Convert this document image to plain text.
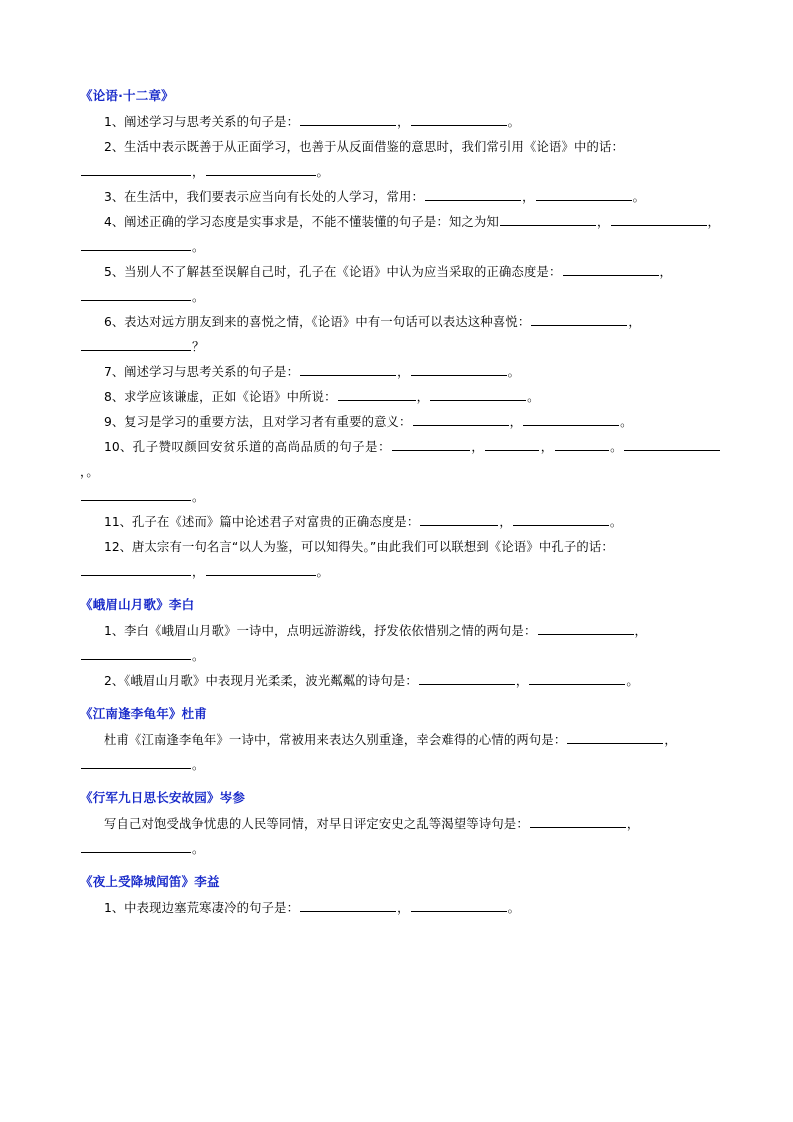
《论语·十二章》

1、阐述学习与思考关系的句子是：	，	。

2、生活中表示既善于从正面学习，也善于从反面借鉴的意思时，我们常引用《论语》中的话：

，	。

3、在生活中，我们要表示应当向有长处的人学习，常用：	，	。

4、阐述正确的学习态度是实事求是，不能不懂装懂的句子是：知之为知	，	，

。

5、当别人不了解甚至误解自己时，孔子在《论语》中认为应当采取的正确态度是：	，

。

6、表达对远方朋友到来的喜悦之情，《论语》中有一句话可以表达这种喜悦：	，

？

7、阐述学习与思考关系的句子是：	，	。

8、求学应该谦虚，正如《论语》中所说：	，	。

9、复习是学习的重要方法，且对学习者有重要的意义：	，	。

10、孔子赞叹颜回安贫乐道的高尚品质的句子是：	，	，	。，。

。

11、孔子在《述而》篇中论述君子对富贵的正确态度是：	，	。

12、唐太宗有一句名言“以人为鉴，可以知得失。”由此我们可以联想到《论语》中孔子的话：

，	。

《峨眉山月歌》李白

1、李白《峨眉山月歌》一诗中，点明远游游线，抒发依依惜别之情的两句是：	，

。

2、《峨眉山月歌》中表现月光柔柔，波光粼粼的诗句是：	，	。

《江南逢李龟年》杜甫

杜甫《江南逢李龟年》一诗中，常被用来表达久别重逢，幸会难得的心情的两句是：	，

。

《行军九日思长安故园》岑参

写自己对饱受战争忧患的人民等同情，对早日评定安史之乱等渴望等诗句是：	，

。

《夜上受降城闻笛》李益

1、中表现边塞荒寒凄冷的句子是：	，	。
